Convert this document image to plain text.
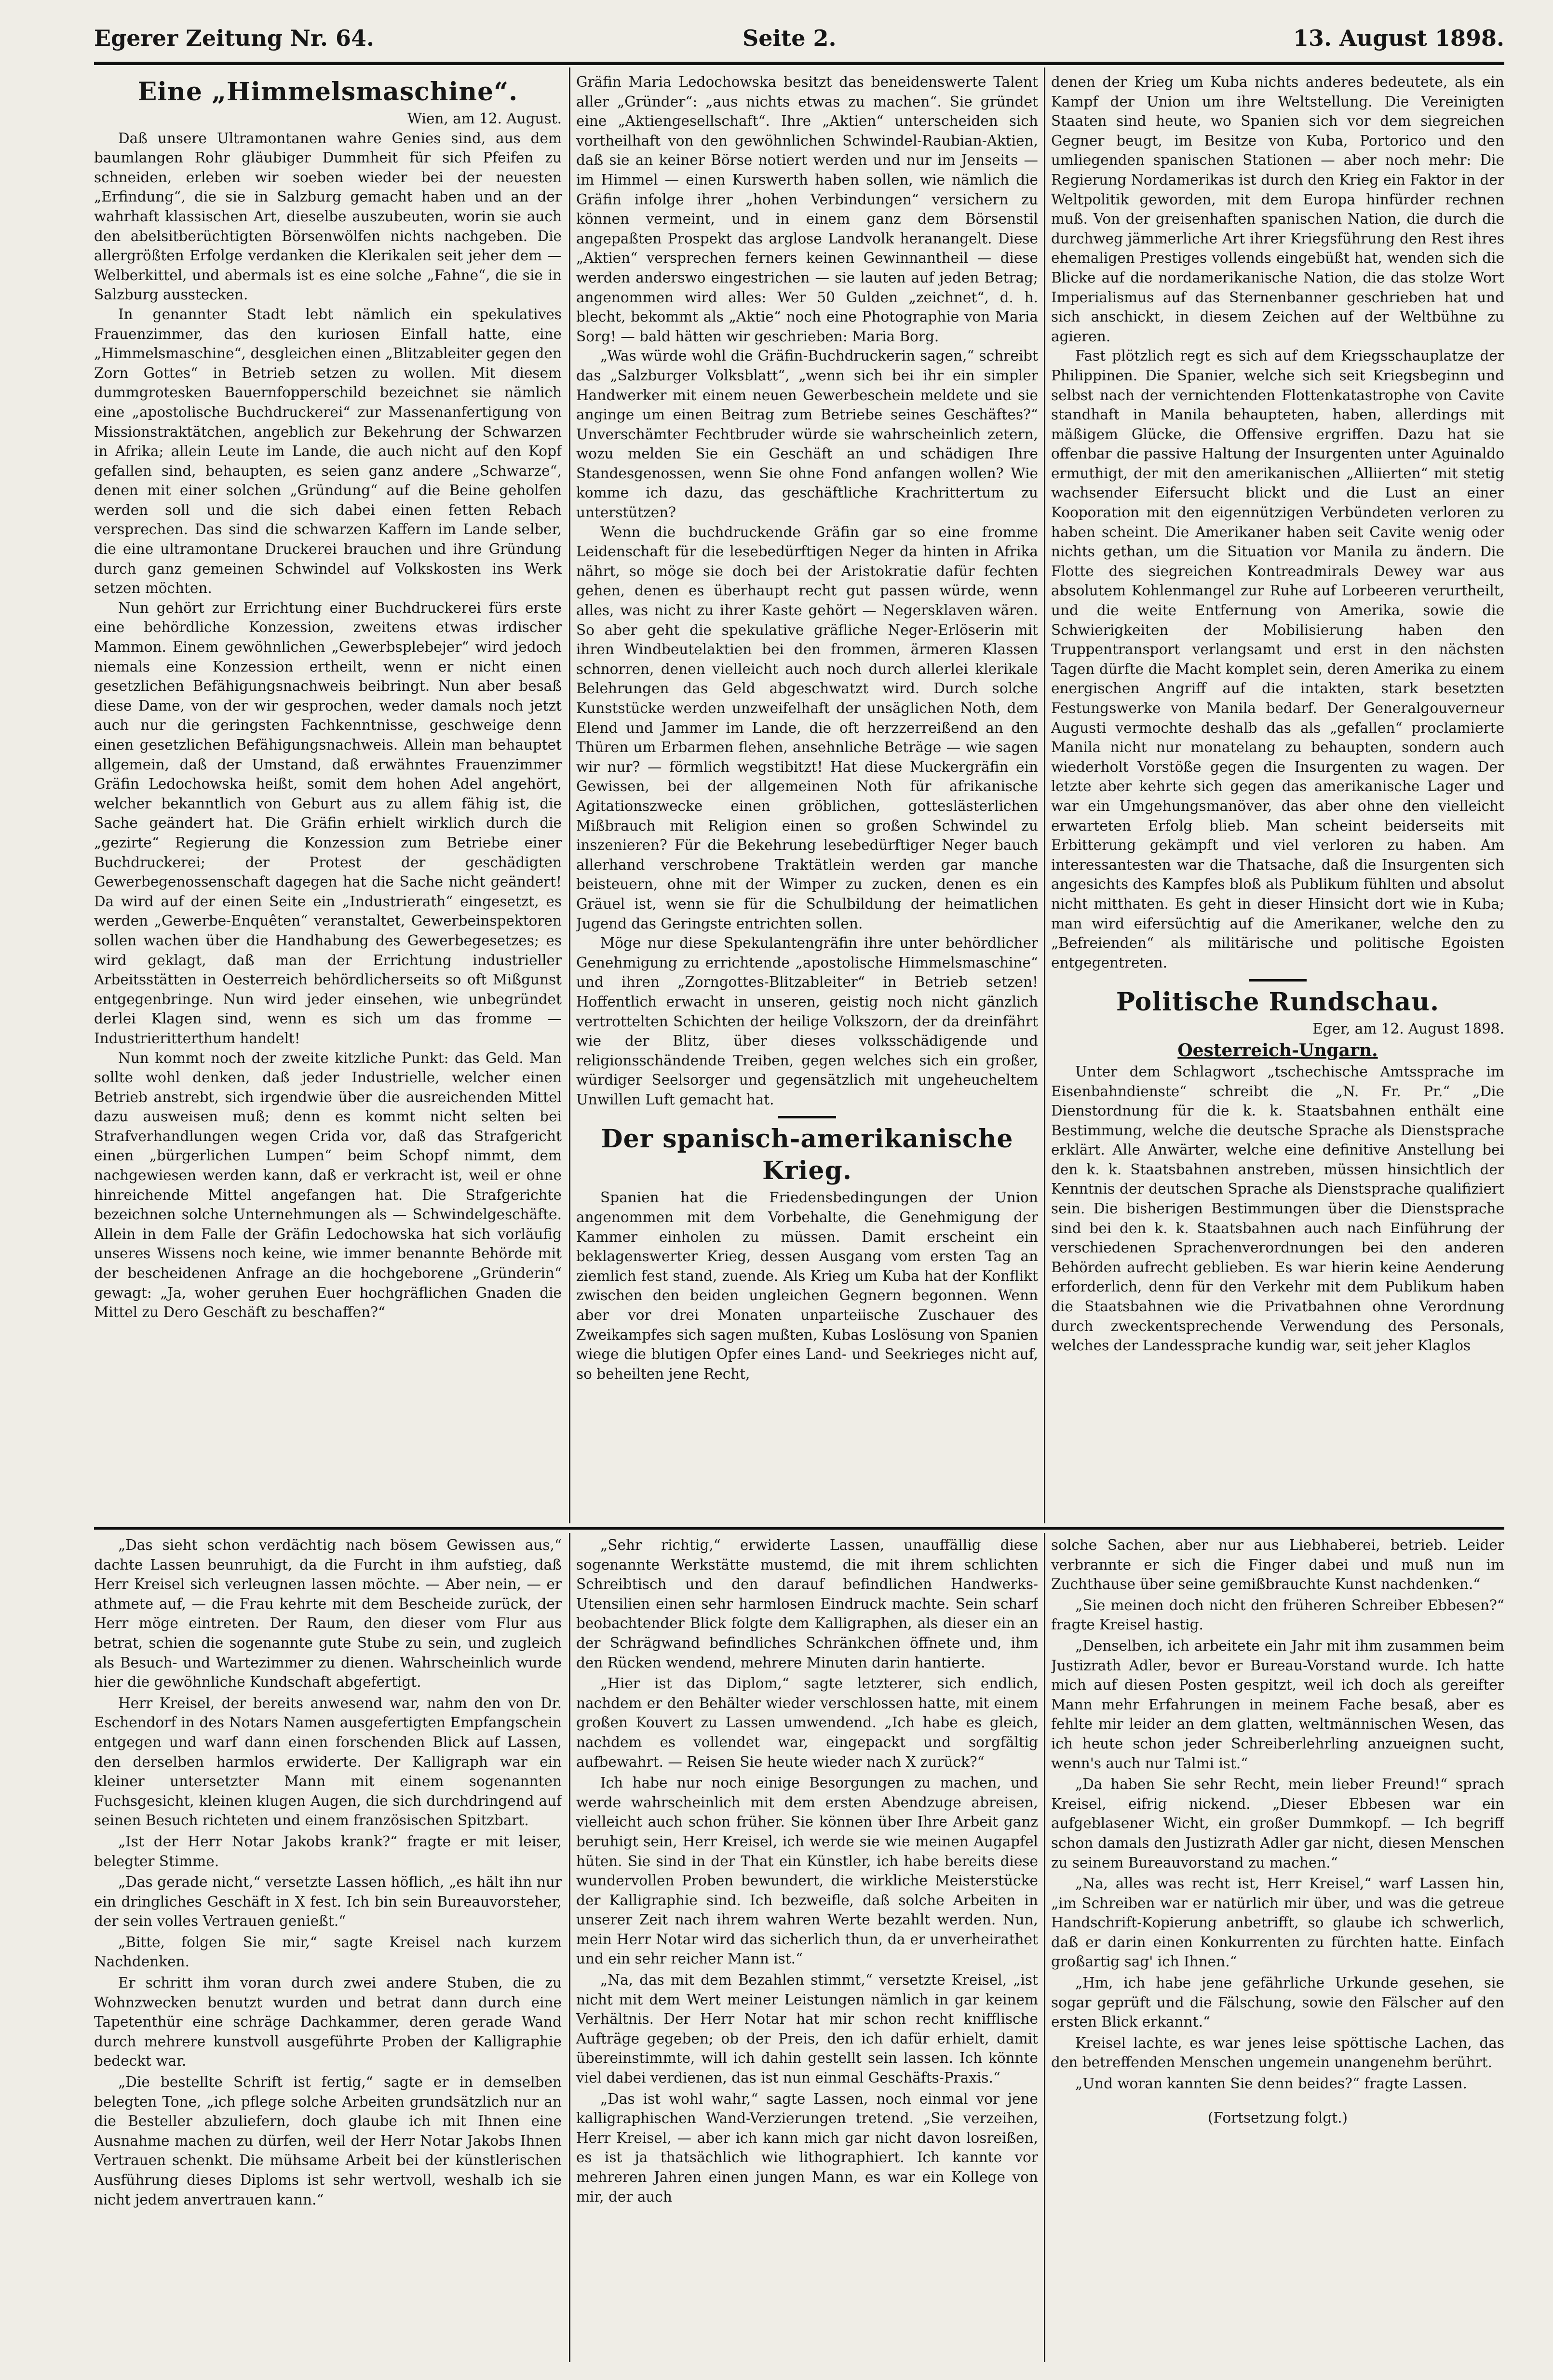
Egerer Zeitung Nr. 64.	Seite 2.	13. August 1898.

Eine „Himmelsmaschine“.

Wien, am 12. August.

Daß unsere Ultramontanen wahre Genies sind, aus dem baumlangen Rohr gläubiger Dummheit für sich Pfeifen zu schneiden, erleben wir soeben wieder bei der neuesten „Erfindung“, die sie in Salzburg gemacht haben und an der wahrhaft klassischen Art, dieselbe auszubeuten, worin sie auch den abelsitberüchtigten Börsenwölfen nichts nachgeben. Die allergrößten Erfolge verdanken die Klerikalen seit jeher dem — Welberkittel, und abermals ist es eine solche „Fahne“, die sie in Salzburg ausstecken.

In genannter Stadt lebt nämlich ein spekulatives Frauenzimmer, das den kuriosen Einfall hatte, eine „Himmelsmaschine“, desgleichen einen „Blitzableiter gegen den Zorn Gottes“ in Betrieb setzen zu wollen. Mit diesem dummgrotesken Bauernfopperschild bezeichnet sie nämlich eine „apostolische Buchdruckerei“ zur Massenanfertigung von Missionstraktätchen, angeblich zur Bekehrung der Schwarzen in Afrika; allein Leute im Lande, die auch nicht auf den Kopf gefallen sind, behaupten, es seien ganz andere „Schwarze“, denen mit einer solchen „Gründung“ auf die Beine geholfen werden soll und die sich dabei einen fetten Rebach versprechen. Das sind die schwarzen Kaffern im Lande selber, die eine ultramontane Druckerei brauchen und ihre Gründung durch ganz gemeinen Schwindel auf Volkskosten ins Werk setzen möchten.

Nun gehört zur Errichtung einer Buchdruckerei fürs erste eine behördliche Konzession, zweitens etwas irdischer Mammon. Einem gewöhnlichen „Gewerbsplebejer“ wird jedoch niemals eine Konzession ertheilt, wenn er nicht einen gesetzlichen Befähigungsnachweis beibringt. Nun aber besaß diese Dame, von der wir gesprochen, weder damals noch jetzt auch nur die geringsten Fachkenntnisse, geschweige denn einen gesetzlichen Befähigungsnachweis. Allein man behauptet allgemein, daß der Umstand, daß erwähntes Frauenzimmer Gräfin Ledochowska heißt, somit dem hohen Adel angehört, welcher bekanntlich von Geburt aus zu allem fähig ist, die Sache geändert hat. Die Gräfin erhielt wirklich durch die „gezirte“ Regierung die Konzession zum Betriebe einer Buchdruckerei; der Protest der geschädigten Gewerbegenossenschaft dagegen hat die Sache nicht geändert! Da wird auf der einen Seite ein „Industrierath“ eingesetzt, es werden „Gewerbe-Enquêten“ veranstaltet, Gewerbeinspektoren sollen wachen über die Handhabung des Gewerbegesetzes; es wird geklagt, daß man der Errichtung industrieller Arbeitsstätten in Oesterreich behördlicherseits so oft Mißgunst entgegenbringe. Nun wird jeder einsehen, wie unbegründet derlei Klagen sind, wenn es sich um das fromme — Industrieritterthum handelt!

Nun kommt noch der zweite kitzliche Punkt: das Geld. Man sollte wohl denken, daß jeder Industrielle, welcher einen Betrieb anstrebt, sich irgendwie über die ausreichenden Mittel dazu ausweisen muß; denn es kommt nicht selten bei Strafverhandlungen wegen Crida vor, daß das Strafgericht einen „bürgerlichen Lumpen“ beim Schopf nimmt, dem nachgewiesen werden kann, daß er verkracht ist, weil er ohne hinreichende Mittel angefangen hat. Die Strafgerichte bezeichnen solche Unternehmungen als — Schwindelgeschäfte. Allein in dem Falle der Gräfin Ledochowska hat sich vorläufig unseres Wissens noch keine, wie immer benannte Behörde mit der bescheidenen Anfrage an die hochgeborene „Gründerin“ gewagt: „Ja, woher geruhen Euer hochgräflichen Gnaden die Mittel zu Dero Geschäft zu beschaffen?“

Gräfin Maria Ledochowska besitzt das beneidenswerte Talent aller „Gründer“: „aus nichts etwas zu machen“. Sie gründet eine „Aktiengesellschaft“. Ihre „Aktien“ unterscheiden sich vortheilhaft von den gewöhnlichen Schwindel-Raubian-Aktien, daß sie an keiner Börse notiert werden und nur im Jenseits — im Himmel — einen Kurswerth haben sollen, wie nämlich die Gräfin infolge ihrer „hohen Verbindungen“ versichern zu können vermeint, und in einem ganz dem Börsenstil angepaßten Prospekt das arglose Landvolk heranangelt. Diese „Aktien“ versprechen ferners keinen Gewinnantheil — diese werden anderswo eingestrichen — sie lauten auf jeden Betrag; angenommen wird alles: Wer 50 Gulden „zeichnet“, d. h. blecht, bekommt als „Aktie“ noch eine Photographie von Maria Sorg! — bald hätten wir geschrieben: Maria Borg.

„Was würde wohl die Gräfin-Buchdruckerin sagen,“ schreibt das „Salzburger Volksblatt“, „wenn sich bei ihr ein simpler Handwerker mit einem neuen Gewerbeschein meldete und sie anginge um einen Beitrag zum Betriebe seines Geschäftes?“ Unverschämter Fechtbruder würde sie wahrscheinlich zetern, wozu melden Sie ein Geschäft an und schädigen Ihre Standesgenossen, wenn Sie ohne Fond anfangen wollen? Wie komme ich dazu, das geschäftliche Krachrittertum zu unterstützen?

Wenn die buchdruckende Gräfin gar so eine fromme Leidenschaft für die lesebedürftigen Neger da hinten in Afrika nährt, so möge sie doch bei der Aristokratie dafür fechten gehen, denen es überhaupt recht gut passen würde, wenn alles, was nicht zu ihrer Kaste gehört — Negersklaven wären. So aber geht die spekulative gräfliche Neger-Erlöserin mit ihren Windbeutelaktien bei den frommen, ärmeren Klassen schnorren, denen vielleicht auch noch durch allerlei klerikale Belehrungen das Geld abgeschwatzt wird. Durch solche Kunststücke werden unzweifelhaft der unsäglichen Noth, dem Elend und Jammer im Lande, die oft herzzerreißend an den Thüren um Erbarmen flehen, ansehnliche Beträge — wie sagen wir nur? — förmlich wegstibitzt! Hat diese Muckergräfin ein Gewissen, bei der allgemeinen Noth für afrikanische Agitationszwecke einen gröblichen, gotteslästerlichen Mißbrauch mit Religion einen so großen Schwindel zu inszenieren? Für die Bekehrung lesebedürftiger Neger bauch allerhand verschrobene Traktätlein werden gar manche beisteuern, ohne mit der Wimper zu zucken, denen es ein Gräuel ist, wenn sie für die Schulbildung der heimatlichen Jugend das Geringste entrichten sollen.

Möge nur diese Spekulantengräfin ihre unter behördlicher Genehmigung zu errichtende „apostolische Himmelsmaschine“ und ihren „Zorngottes-Blitzableiter“ in Betrieb setzen! Hoffentlich erwacht in unseren, geistig noch nicht gänzlich vertrottelten Schichten der heilige Volkszorn, der da dreinfährt wie der Blitz, über dieses volksschädigende und religionsschändende Treiben, gegen welches sich ein großer, würdiger Seelsorger und gegensätzlich mit ungeheucheltem Unwillen Luft gemacht hat.

Der spanisch-amerikanische Krieg.

Spanien hat die Friedensbedingungen der Union angenommen mit dem Vorbehalte, die Genehmigung der Kammer einholen zu müssen. Damit erscheint ein beklagenswerter Krieg, dessen Ausgang vom ersten Tag an ziemlich fest stand, zuende. Als Krieg um Kuba hat der Konflikt zwischen den beiden ungleichen Gegnern begonnen. Wenn aber vor drei Monaten unparteiische Zuschauer des Zweikampfes sich sagen mußten, Kubas Loslösung von Spanien wiege die blutigen Opfer eines Land- und Seekrieges nicht auf, so beheilten jene Recht,

denen der Krieg um Kuba nichts anderes bedeutete, als ein Kampf der Union um ihre Weltstellung. Die Vereinigten Staaten sind heute, wo Spanien sich vor dem siegreichen Gegner beugt, im Besitze von Kuba, Portorico und den umliegenden spanischen Stationen — aber noch mehr: Die Regierung Nordamerikas ist durch den Krieg ein Faktor in der Weltpolitik geworden, mit dem Europa hinfürder rechnen muß. Von der greisenhaften spanischen Nation, die durch die durchweg jämmerliche Art ihrer Kriegsführung den Rest ihres ehemaligen Prestiges vollends eingebüßt hat, wenden sich die Blicke auf die nordamerikanische Nation, die das stolze Wort Imperialismus auf das Sternenbanner geschrieben hat und sich anschickt, in diesem Zeichen auf der Weltbühne zu agieren.

Fast plötzlich regt es sich auf dem Kriegsschauplatze der Philippinen. Die Spanier, welche sich seit Kriegsbeginn und selbst nach der vernichtenden Flottenkatastrophe von Cavite standhaft in Manila behaupteten, haben, allerdings mit mäßigem Glücke, die Offensive ergriffen. Dazu hat sie offenbar die passive Haltung der Insurgenten unter Aguinaldo ermuthigt, der mit den amerikanischen „Alliierten“ mit stetig wachsender Eifersucht blickt und die Lust an einer Kooporation mit den eigennützigen Verbündeten verloren zu haben scheint. Die Amerikaner haben seit Cavite wenig oder nichts gethan, um die Situation vor Manila zu ändern. Die Flotte des siegreichen Kontreadmirals Dewey war aus absolutem Kohlenmangel zur Ruhe auf Lorbeeren verurtheilt, und die weite Entfernung von Amerika, sowie die Schwierigkeiten der Mobilisierung haben den Truppentransport verlangsamt und erst in den nächsten Tagen dürfte die Macht komplet sein, deren Amerika zu einem energischen Angriff auf die intakten, stark besetzten Festungswerke von Manila bedarf. Der Generalgouverneur Augusti vermochte deshalb das als „gefallen“ proclamierte Manila nicht nur monatelang zu behaupten, sondern auch wiederholt Vorstöße gegen die Insurgenten zu wagen. Der letzte aber kehrte sich gegen das amerikanische Lager und war ein Umgehungsmanöver, das aber ohne den vielleicht erwarteten Erfolg blieb. Man scheint beiderseits mit Erbitterung gekämpft und viel verloren zu haben. Am interessantesten war die Thatsache, daß die Insurgenten sich angesichts des Kampfes bloß als Publikum fühlten und absolut nicht mitthaten. Es geht in dieser Hinsicht dort wie in Kuba; man wird eifersüchtig auf die Amerikaner, welche den zu „Befreienden“ als militärische und politische Egoisten entgegentreten.

Politische Rundschau.

Eger, am 12. August 1898.

Oesterreich-Ungarn.

Unter dem Schlagwort „tschechische Amtssprache im Eisenbahndienste“ schreibt die „N. Fr. Pr.“ „Die Dienstordnung für die k. k. Staatsbahnen enthält eine Bestimmung, welche die deutsche Sprache als Dienstsprache erklärt. Alle Anwärter, welche eine definitive Anstellung bei den k. k. Staatsbahnen anstreben, müssen hinsichtlich der Kenntnis der deutschen Sprache als Dienstsprache qualifiziert sein. Die bisherigen Bestimmungen über die Dienstsprache sind bei den k. k. Staatsbahnen auch nach Einführung der verschiedenen Sprachenverordnungen bei den anderen Behörden aufrecht geblieben. Es war hierin keine Aenderung erforderlich, denn für den Verkehr mit dem Publikum haben die Staatsbahnen wie die Privatbahnen ohne Verordnung durch zweckentsprechende Verwendung des Personals, welches der Landessprache kundig war, seit jeher Klaglos

„Das sieht schon verdächtig nach bösem Gewissen aus,“ dachte Lassen beunruhigt, da die Furcht in ihm aufstieg, daß Herr Kreisel sich verleugnen lassen möchte. — Aber nein, — er athmete auf, — die Frau kehrte mit dem Bescheide zurück, der Herr möge eintreten. Der Raum, den dieser vom Flur aus betrat, schien die sogenannte gute Stube zu sein, und zugleich als Besuch- und Wartezimmer zu dienen. Wahrscheinlich wurde hier die gewöhnliche Kundschaft abgefertigt.

Herr Kreisel, der bereits anwesend war, nahm den von Dr. Eschendorf in des Notars Namen ausgefertigten Empfangschein entgegen und warf dann einen forschenden Blick auf Lassen, den derselben harmlos erwiderte. Der Kalligraph war ein kleiner untersetzter Mann mit einem sogenannten Fuchsgesicht, kleinen klugen Augen, die sich durchdringend auf seinen Besuch richteten und einem französischen Spitzbart.

„Ist der Herr Notar Jakobs krank?“ fragte er mit leiser, belegter Stimme.

„Das gerade nicht,“ versetzte Lassen höflich, „es hält ihn nur ein dringliches Geschäft in X fest. Ich bin sein Bureauvorsteher, der sein volles Vertrauen genießt.“

„Bitte, folgen Sie mir,“ sagte Kreisel nach kurzem Nachdenken.

Er schritt ihm voran durch zwei andere Stuben, die zu Wohnzwecken benutzt wurden und betrat dann durch eine Tapetenthür eine schräge Dachkammer, deren gerade Wand durch mehrere kunstvoll ausgeführte Proben der Kalligraphie bedeckt war.

„Die bestellte Schrift ist fertig,“ sagte er in demselben belegten Tone, „ich pflege solche Arbeiten grundsätzlich nur an die Besteller abzuliefern, doch glaube ich mit Ihnen eine Ausnahme machen zu dürfen, weil der Herr Notar Jakobs Ihnen Vertrauen schenkt. Die mühsame Arbeit bei der künstlerischen Ausführung dieses Diploms ist sehr wertvoll, weshalb ich sie nicht jedem anvertrauen kann.“

„Sehr richtig,“ erwiderte Lassen, unauffällig diese sogenannte Werkstätte mustemd, die mit ihrem schlichten Schreibtisch und den darauf befindlichen Handwerks-Utensilien einen sehr harmlosen Eindruck machte. Sein scharf beobachtender Blick folgte dem Kalligraphen, als dieser ein an der Schrägwand befindliches Schränkchen öffnete und, ihm den Rücken wendend, mehrere Minuten darin hantierte.

„Hier ist das Diplom,“ sagte letzterer, sich endlich, nachdem er den Behälter wieder verschlossen hatte, mit einem großen Kouvert zu Lassen umwendend. „Ich habe es gleich, nachdem es vollendet war, eingepackt und sorgfältig aufbewahrt. — Reisen Sie heute wieder nach X zurück?“

Ich habe nur noch einige Besorgungen zu machen, und werde wahrscheinlich mit dem ersten Abendzuge abreisen, vielleicht auch schon früher. Sie können über Ihre Arbeit ganz beruhigt sein, Herr Kreisel, ich werde sie wie meinen Augapfel hüten. Sie sind in der That ein Künstler, ich habe bereits diese wundervollen Proben bewundert, die wirkliche Meisterstücke der Kalligraphie sind. Ich bezweifle, daß solche Arbeiten in unserer Zeit nach ihrem wahren Werte bezahlt werden. Nun, mein Herr Notar wird das sicherlich thun, da er unverheirathet und ein sehr reicher Mann ist.“

„Na, das mit dem Bezahlen stimmt,“ versetzte Kreisel, „ist nicht mit dem Wert meiner Leistungen nämlich in gar keinem Verhältnis. Der Herr Notar hat mir schon recht knifflische Aufträge gegeben; ob der Preis, den ich dafür erhielt, damit übereinstimmte, will ich dahin gestellt sein lassen. Ich könnte viel dabei verdienen, das ist nun einmal Geschäfts-Praxis.“

„Das ist wohl wahr,“ sagte Lassen, noch einmal vor jene kalligraphischen Wand-Verzierungen tretend. „Sie verzeihen, Herr Kreisel, — aber ich kann mich gar nicht davon losreißen, es ist ja thatsächlich wie lithographiert. Ich kannte vor mehreren Jahren einen jungen Mann, es war ein Kollege von mir, der auch

solche Sachen, aber nur aus Liebhaberei, betrieb. Leider verbrannte er sich die Finger dabei und muß nun im Zuchthause über seine gemißbrauchte Kunst nachdenken.“

„Sie meinen doch nicht den früheren Schreiber Ebbesen?“ fragte Kreisel hastig.

„Denselben, ich arbeitete ein Jahr mit ihm zusammen beim Justizrath Adler, bevor er Bureau-Vorstand wurde. Ich hatte mich auf diesen Posten gespitzt, weil ich doch als gereifter Mann mehr Erfahrungen in meinem Fache besaß, aber es fehlte mir leider an dem glatten, weltmännischen Wesen, das ich heute schon jeder Schreiberlehrling anzueignen sucht, wenn's auch nur Talmi ist.“

„Da haben Sie sehr Recht, mein lieber Freund!“ sprach Kreisel, eifrig nickend. „Dieser Ebbesen war ein aufgeblasener Wicht, ein großer Dummkopf. — Ich begriff schon damals den Justizrath Adler gar nicht, diesen Menschen zu seinem Bureauvorstand zu machen.“

„Na, alles was recht ist, Herr Kreisel,“ warf Lassen hin, „im Schreiben war er natürlich mir über, und was die getreue Handschrift-Kopierung anbetrifft, so glaube ich schwerlich, daß er darin einen Konkurrenten zu fürchten hatte. Einfach großartig sag' ich Ihnen.“

„Hm, ich habe jene gefährliche Urkunde gesehen, sie sogar geprüft und die Fälschung, sowie den Fälscher auf den ersten Blick erkannt.“

Kreisel lachte, es war jenes leise spöttische Lachen, das den betreffenden Menschen ungemein unangenehm berührt.

„Und woran kannten Sie denn beides?“ fragte Lassen.

(Fortsetzung folgt.)
